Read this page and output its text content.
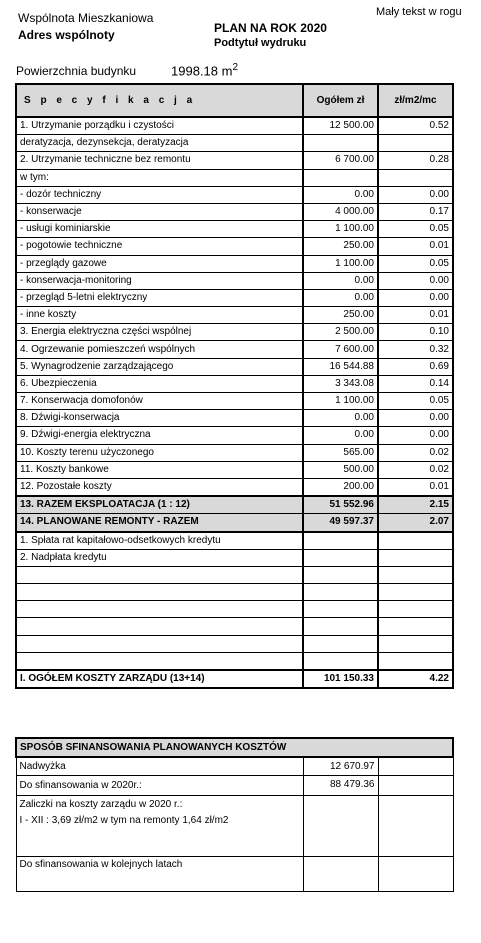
Wspólnota Mieszkaniowa
Adres wspólnoty	PLAN NA ROK 2020
Podtytuł wydruku
Mały tekst w rogu
Powierzchnia budynku	1998.18 $m^2$
S p e c y f i k a c j a	Ogółem zł	zł/m2/mc
1. Utrzymanie porządku i czystości	12 500.00	0.52
deratyzacja, dezynsekcja, deratyzacja		
2. Utrzymanie techniczne bez remontu	6 700.00	0.28
w tym:		
- dozór techniczny	0.00	0.00
- konserwacje	4 000.00	0.17
- usługi kominiarskie	1 100.00	0.05
- pogotowie techniczne	250.00	0.01
- przeglądy gazowe	1 100.00	0.05
- konserwacja-monitoring	0.00	0.00
- przegląd 5-letni elektryczny	0.00	0.00
- inne koszty	250.00	0.01
3. Energia elektryczna części wspólnej	2 500.00	0.10
4. Ogrzewanie pomieszczeń wspólnych	7 600.00	0.32
5. Wynagrodzenie zarządzającego	16 544.88	0.69
6. Ubezpieczenia	3 343.08	0.14
7. Konserwacja domofonów	1 100.00	0.05
8. Dźwigi-konserwacja	0.00	0.00
9. Dźwigi-energia elektryczna	0.00	0.00
10. Koszty terenu użyczonego	565.00	0.02
11. Koszty bankowe	500.00	0.02
12. Pozostałe koszty	200.00	0.01
13. RAZEM EKSPLOATACJA (1 : 12)	51 552.96	2.15
14. PLANOWANE REMONTY - RAZEM	49 597.37	2.07
1. Spłata rat kapitałowo-odsetkowych kredytu		
2. Nadpłata kredytu		

I. OGÓŁEM KOSZTY ZARZĄDU (13+14)	101 150.33	4.22
SPOSÓB SFINANSOWANIA PLANOWANYCH KOSZTÓW		
Nadwyżka	12 670.97	
Do sfinansowania w 2020r.:	88 479.36	

Zaliczki na koszty zarządu w 2020 r.:
I - XII : 3,69 zł/m2 w tym na remonty 1,64 zł/m2		

Do sfinansowania w kolejnych latach		
